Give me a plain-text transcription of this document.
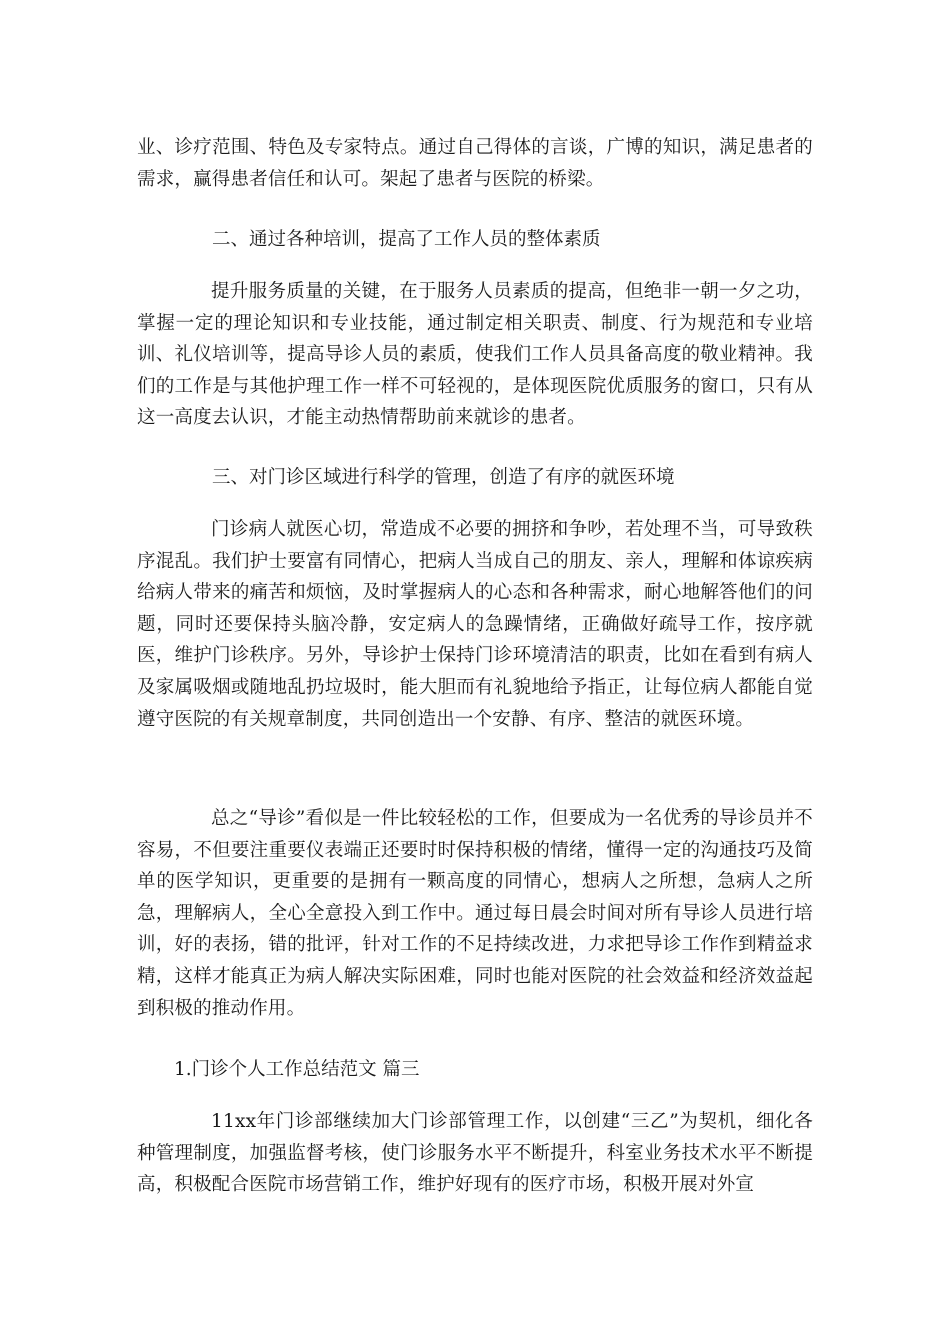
业、诊疗范围、特色及专家特点。通过自己得体的言谈，广博的知识，满足患者的需求，赢得患者信任和认可。架起了患者与医院的桥梁。

二、通过各种培训，提高了工作人员的整体素质

提升服务质量的关键，在于服务人员素质的提高，但绝非一朝一夕之功，掌握一定的理论知识和专业技能，通过制定相关职责、制度、行为规范和专业培训、礼仪培训等，提高导诊人员的素质，使我们工作人员具备高度的敬业精神。我们的工作是与其他护理工作一样不可轻视的，是体现医院优质服务的窗口，只有从这一高度去认识，才能主动热情帮助前来就诊的患者。

三、对门诊区域进行科学的管理，创造了有序的就医环境

门诊病人就医心切，常造成不必要的拥挤和争吵，若处理不当，可导致秩序混乱。我们护士要富有同情心，把病人当成自己的朋友、亲人，理解和体谅疾病给病人带来的痛苦和烦恼，及时掌握病人的心态和各种需求，耐心地解答他们的问题，同时还要保持头脑冷静，安定病人的急躁情绪，正确做好疏导工作，按序就医，维护门诊秩序。另外，导诊护士保持门诊环境清洁的职责，比如在看到有病人及家属吸烟或随地乱扔垃圾时，能大胆而有礼貌地给予指正，让每位病人都能自觉遵守医院的有关规章制度，共同创造出一个安静、有序、整洁的就医环境。

总之“导诊”看似是一件比较轻松的工作，但要成为一名优秀的导诊员并不容易，不但要注重要仪表端正还要时时保持积极的情绪，懂得一定的沟通技巧及简单的医学知识，更重要的是拥有一颗高度的同情心，想病人之所想，急病人之所急，理解病人，全心全意投入到工作中。通过每日晨会时间对所有导诊人员进行培训，好的表扬，错的批评，针对工作的不足持续改进，力求把导诊工作作到精益求精，这样才能真正为病人解决实际困难，同时也能对医院的社会效益和经济效益起到积极的推动作用。

1.门诊个人工作总结范文 篇三

11xx年门诊部继续加大门诊部管理工作，以创建“三乙”为契机，细化各种管理制度，加强监督考核，使门诊服务水平不断提升，科室业务技术水平不断提高，积极配合医院市场营销工作，维护好现有的医疗市场，积极开展对外宣
